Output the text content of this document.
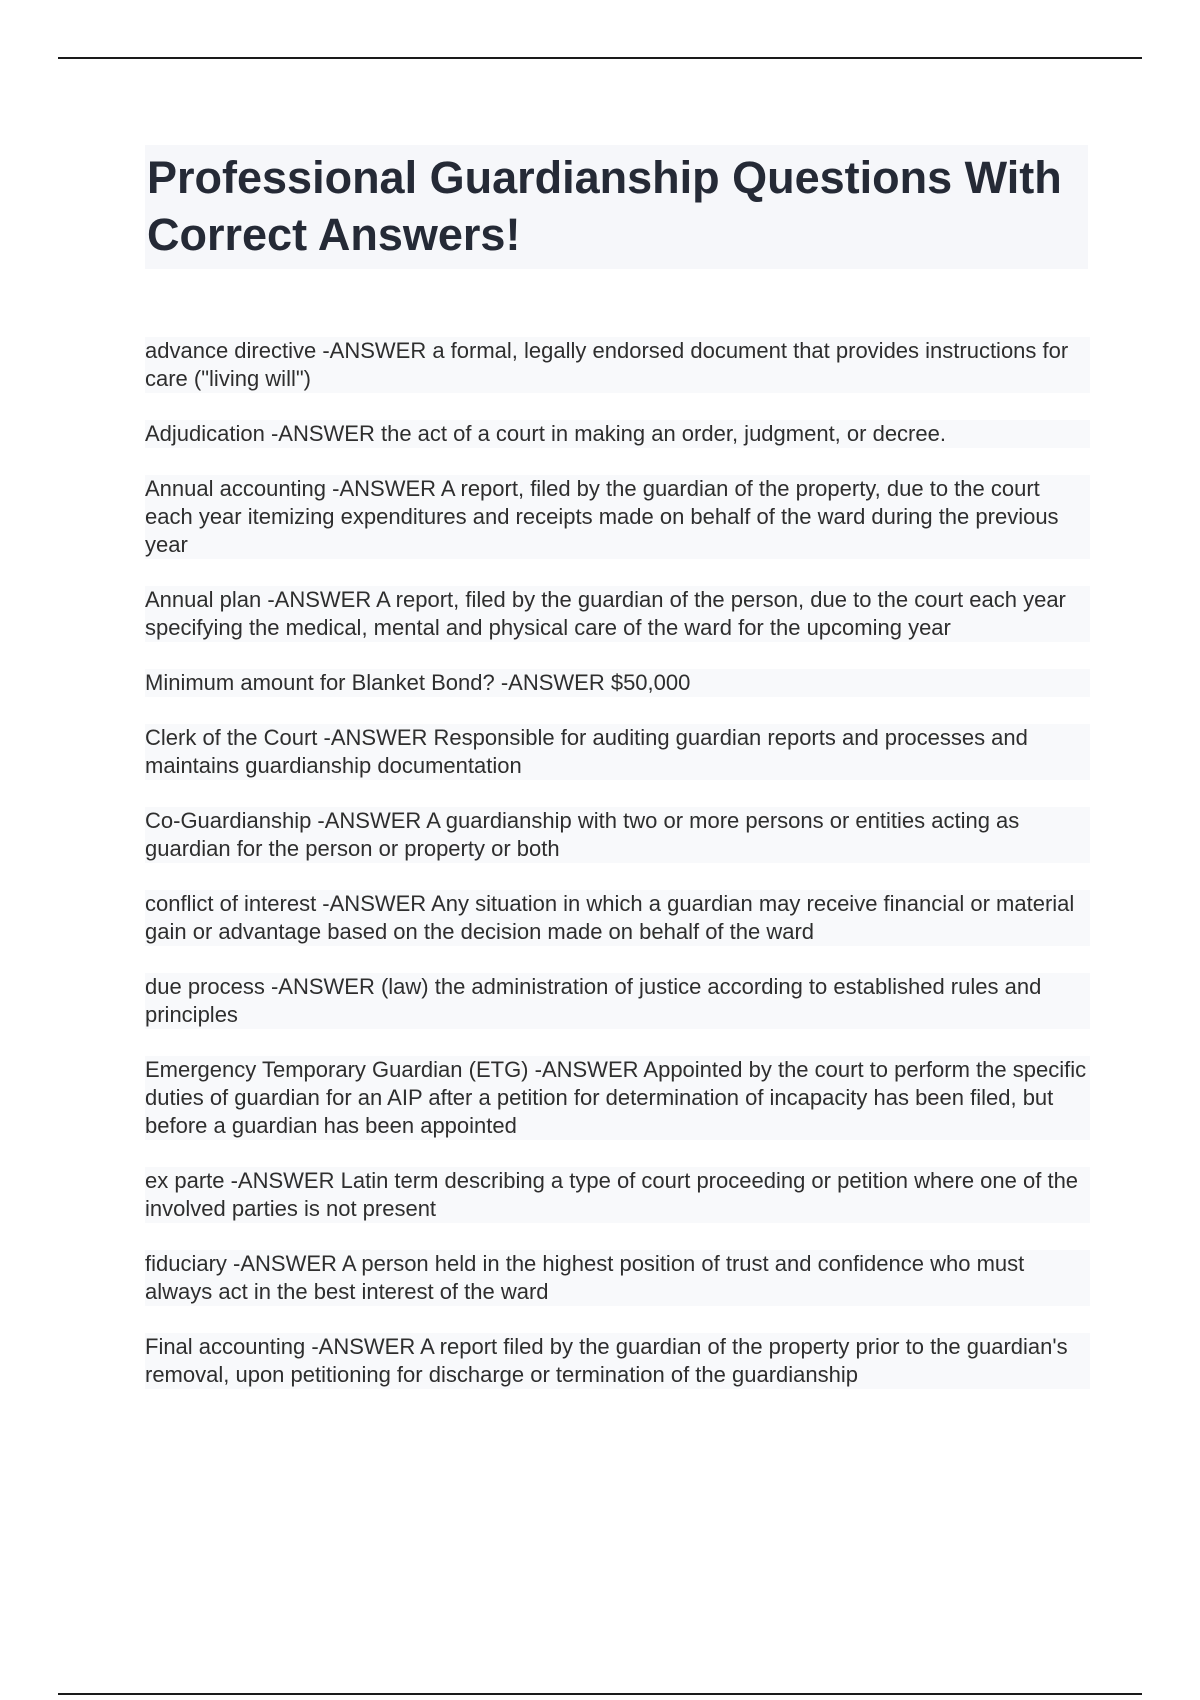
Professional Guardianship Questions With Correct Answers!

advance directive -ANSWER a formal, legally endorsed document that provides instructions for care ("living will")

Adjudication -ANSWER the act of a court in making an order, judgment, or decree.

Annual accounting -ANSWER A report, filed by the guardian of the property, due to the court each year itemizing expenditures and receipts made on behalf of the ward during the previous year

Annual plan -ANSWER A report, filed by the guardian of the person, due to the court each year specifying the medical, mental and physical care of the ward for the upcoming year

Minimum amount for Blanket Bond? -ANSWER $50,000

Clerk of the Court -ANSWER Responsible for auditing guardian reports and processes and maintains guardianship documentation

Co-Guardianship -ANSWER A guardianship with two or more persons or entities acting as guardian for the person or property or both

conflict of interest -ANSWER Any situation in which a guardian may receive financial or material gain or advantage based on the decision made on behalf of the ward

due process -ANSWER (law) the administration of justice according to established rules and principles

Emergency Temporary Guardian (ETG) -ANSWER Appointed by the court to perform the specific duties of guardian for an AIP after a petition for determination of incapacity has been filed, but before a guardian has been appointed

ex parte -ANSWER Latin term describing a type of court proceeding or petition where one of the involved parties is not present

fiduciary -ANSWER A person held in the highest position of trust and confidence who must always act in the best interest of the ward

Final accounting -ANSWER A report filed by the guardian of the property prior to the guardian's removal, upon petitioning for discharge or termination of the guardianship
